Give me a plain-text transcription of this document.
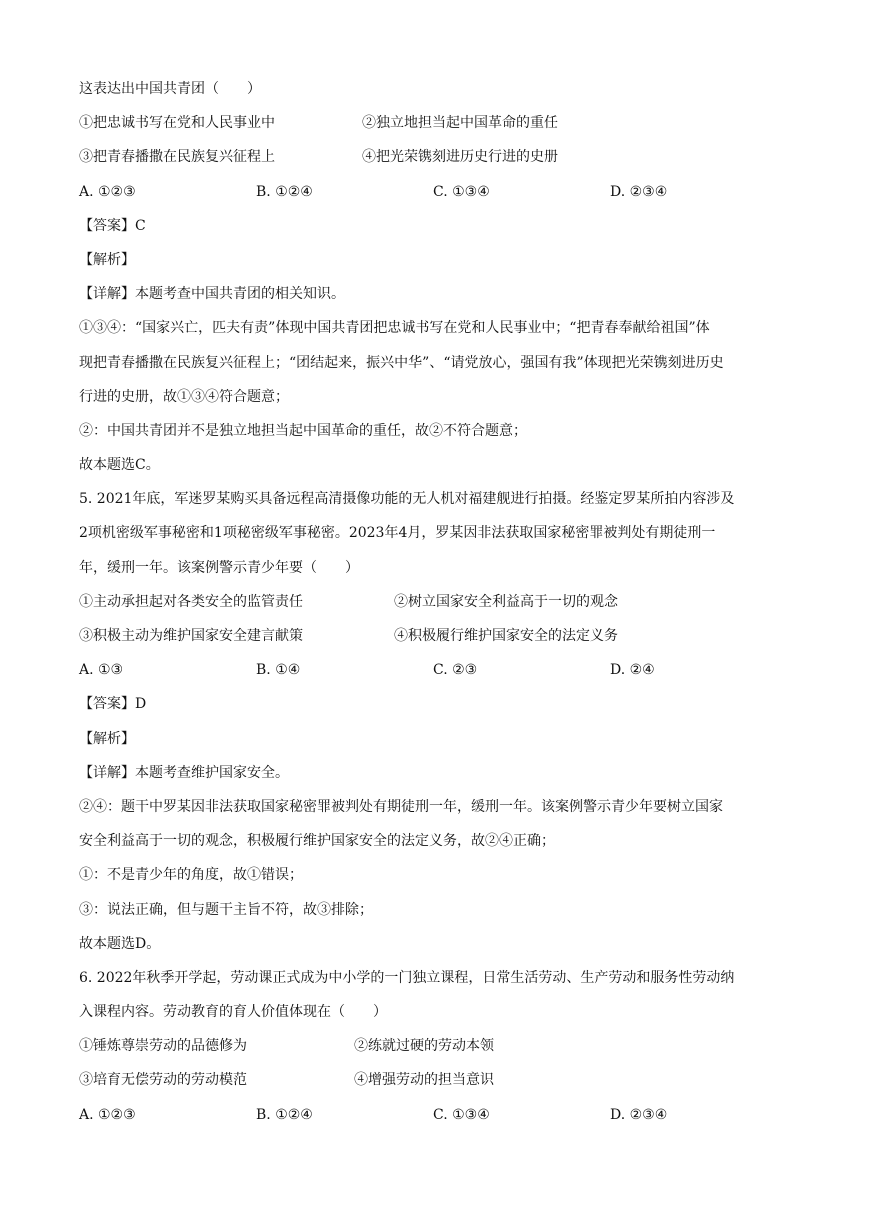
这表达出中国共青团（　　）
①把忠诚书写在党和人民事业中	②独立地担当起中国革命的重任
③把青春播撒在民族复兴征程上	④把光荣镌刻进历史行进的史册
A. ①②③	B. ①②④	C. ①③④	D. ②③④
【答案】C
【解析】
【详解】本题考查中国共青团的相关知识。
①③④：“国家兴亡，匹夫有责”体现中国共青团把忠诚书写在党和人民事业中；“把青春奉献给祖国”体
现把青春播撒在民族复兴征程上；“团结起来，振兴中华”、“请党放心，强国有我”体现把光荣镌刻进历史
行进的史册，故①③④符合题意；
②：中国共青团并不是独立地担当起中国革命的重任，故②不符合题意；
故本题选C。
5. 2021年底，军迷罗某购买具备远程高清摄像功能的无人机对福建舰进行拍摄。经鉴定罗某所拍内容涉及
2项机密级军事秘密和1项秘密级军事秘密。2023年4月，罗某因非法获取国家秘密罪被判处有期徒刑一
年，缓刑一年。该案例警示青少年要（　　）
①主动承担起对各类安全的监管责任	②树立国家安全利益高于一切的观念
③积极主动为维护国家安全建言献策	④积极履行维护国家安全的法定义务
A. ①③	B. ①④	C. ②③	D. ②④
【答案】D
【解析】
【详解】本题考查维护国家安全。
②④：题干中罗某因非法获取国家秘密罪被判处有期徒刑一年，缓刑一年。该案例警示青少年要树立国家
安全利益高于一切的观念，积极履行维护国家安全的法定义务，故②④正确；
①：不是青少年的角度，故①错误；
③：说法正确，但与题干主旨不符，故③排除；
故本题选D。
6. 2022年秋季开学起，劳动课正式成为中小学的一门独立课程，日常生活劳动、生产劳动和服务性劳动纳
入课程内容。劳动教育的育人价值体现在（　　）
①锤炼尊崇劳动的品德修为	②练就过硬的劳动本领
③培育无偿劳动的劳动模范	④增强劳动的担当意识
A. ①②③	B. ①②④	C. ①③④	D. ②③④
